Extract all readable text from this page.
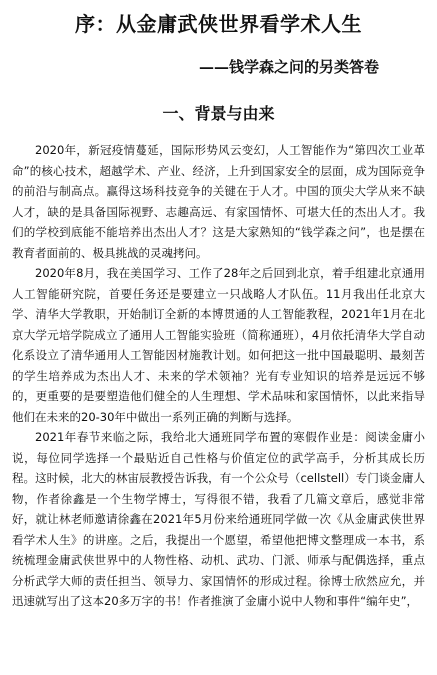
序：从金庸武侠世界看学术人生
——钱学森之问的另类答卷
一、背景与由来

2020年，新冠疫情蔓延，国际形势风云变幻，人工智能作为“第四次工业革命”的核心技术，超越学术、产业、经济，上升到国家安全的层面，成为国际竞争的前沿与制高点。赢得这场科技竞争的关键在于人才。中国的顶尖大学从来不缺人才，缺的是具备国际视野、志趣高远、有家国情怀、可堪大任的杰出人才。我们的学校到底能不能培养出杰出人才？这是大家熟知的“钱学森之问”，也是摆在教育者面前的、极具挑战的灵魂拷问。

2020年8月，我在美国学习、工作了28年之后回到北京，着手组建北京通用人工智能研究院，首要任务还是要建立一只战略人才队伍。11月我出任北京大学、清华大学教职，开始制订全新的本博贯通的人工智能教程，2021年1月在北京大学元培学院成立了通用人工智能实验班（简称通班），4月依托清华大学自动化系设立了清华通用人工智能因材施教计划。如何把这一批中国最聪明、最刻苦的学生培养成为杰出人才、未来的学术领袖？光有专业知识的培养是远远不够的，更重要的是要塑造他们健全的人生理想、学术品味和家国情怀，以此来指导他们在未来的20-30年中做出一系列正确的判断与选择。

2021年春节来临之际，我给北大通班同学布置的寒假作业是：阅读金庸小说，每位同学选择一个最贴近自己性格与价值定位的武学高手，分析其成长历程。这时候，北大的林宙辰教授告诉我，有一个公众号（cellstell）专门谈金庸人物，作者徐鑫是一个生物学博士，写得很不错，我看了几篇文章后，感觉非常好，就让林老师邀请徐鑫在2021年5月份来给通班同学做一次《从金庸武侠世界看学术人生》的讲座。之后，我提出一个愿望，希望他把博文整理成一本书，系统梳理金庸武侠世界中的人物性格、动机、武功、门派、师承与配偶选择，重点分析武学大师的责任担当、领导力、家国情怀的形成过程。徐博士欣然应允，并迅速就写出了这本20多万字的书！作者推演了金庸小说中人物和事件“编年史”，
